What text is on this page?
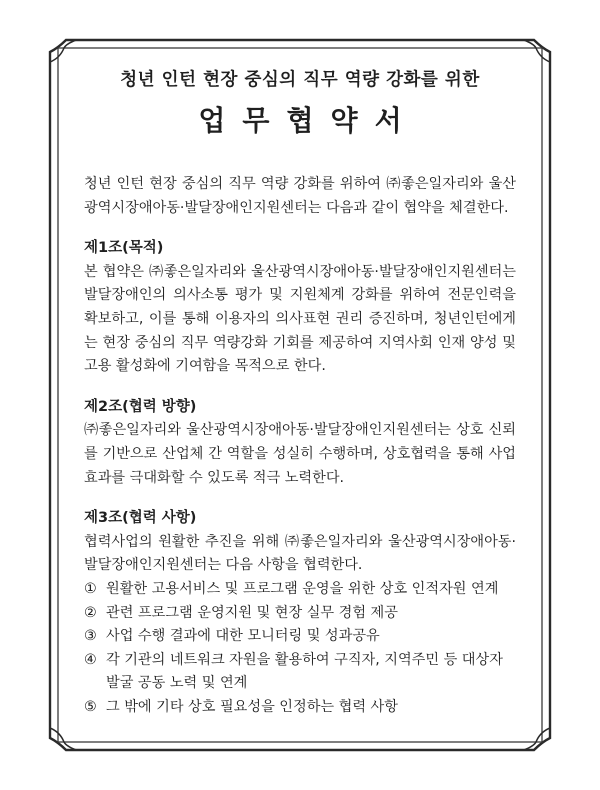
청년 인턴 현장 중심의 직무 역량 강화를 위한
업무협약서
청년 인턴 현장 중심의 직무 역량 강화를 위하여 ㈜좋은일자리와 울산광역시장애아동·발달장애인지원센터는 다음과 같이 협약을 체결한다.
제1조(목적)
본 협약은 ㈜좋은일자리와 울산광역시장애아동·발달장애인지원센터는 발달장애인의 의사소통 평가 및 지원체계 강화를 위하여 전문인력을 확보하고, 이를 통해 이용자의 의사표현 권리 증진하며, 청년인턴에게는 현장 중심의 직무 역량강화 기회를 제공하여 지역사회 인재 양성 및 고용 활성화에 기여함을 목적으로 한다.
제2조(협력 방향)
㈜좋은일자리와 울산광역시장애아동·발달장애인지원센터는 상호 신뢰를 기반으로 산업체 간 역할을 성실히 수행하며, 상호협력을 통해 사업 효과를 극대화할 수 있도록 적극 노력한다.
제3조(협력 사항)
협력사업의 원활한 추진을 위해 ㈜좋은일자리와 울산광역시장애아동·발달장애인지원센터는 다음 사항을 협력한다.
① 원활한 고용서비스 및 프로그램 운영을 위한 상호 인적자원 연계
② 관련 프로그램 운영지원 및 현장 실무 경험 제공
③ 사업 수행 결과에 대한 모니터링 및 성과공유
④ 각 기관의 네트워크 자원을 활용하여 구직자, 지역주민 등 대상자 발굴 공동 노력 및 연계
⑤ 그 밖에 기타 상호 필요성을 인정하는 협력 사항
